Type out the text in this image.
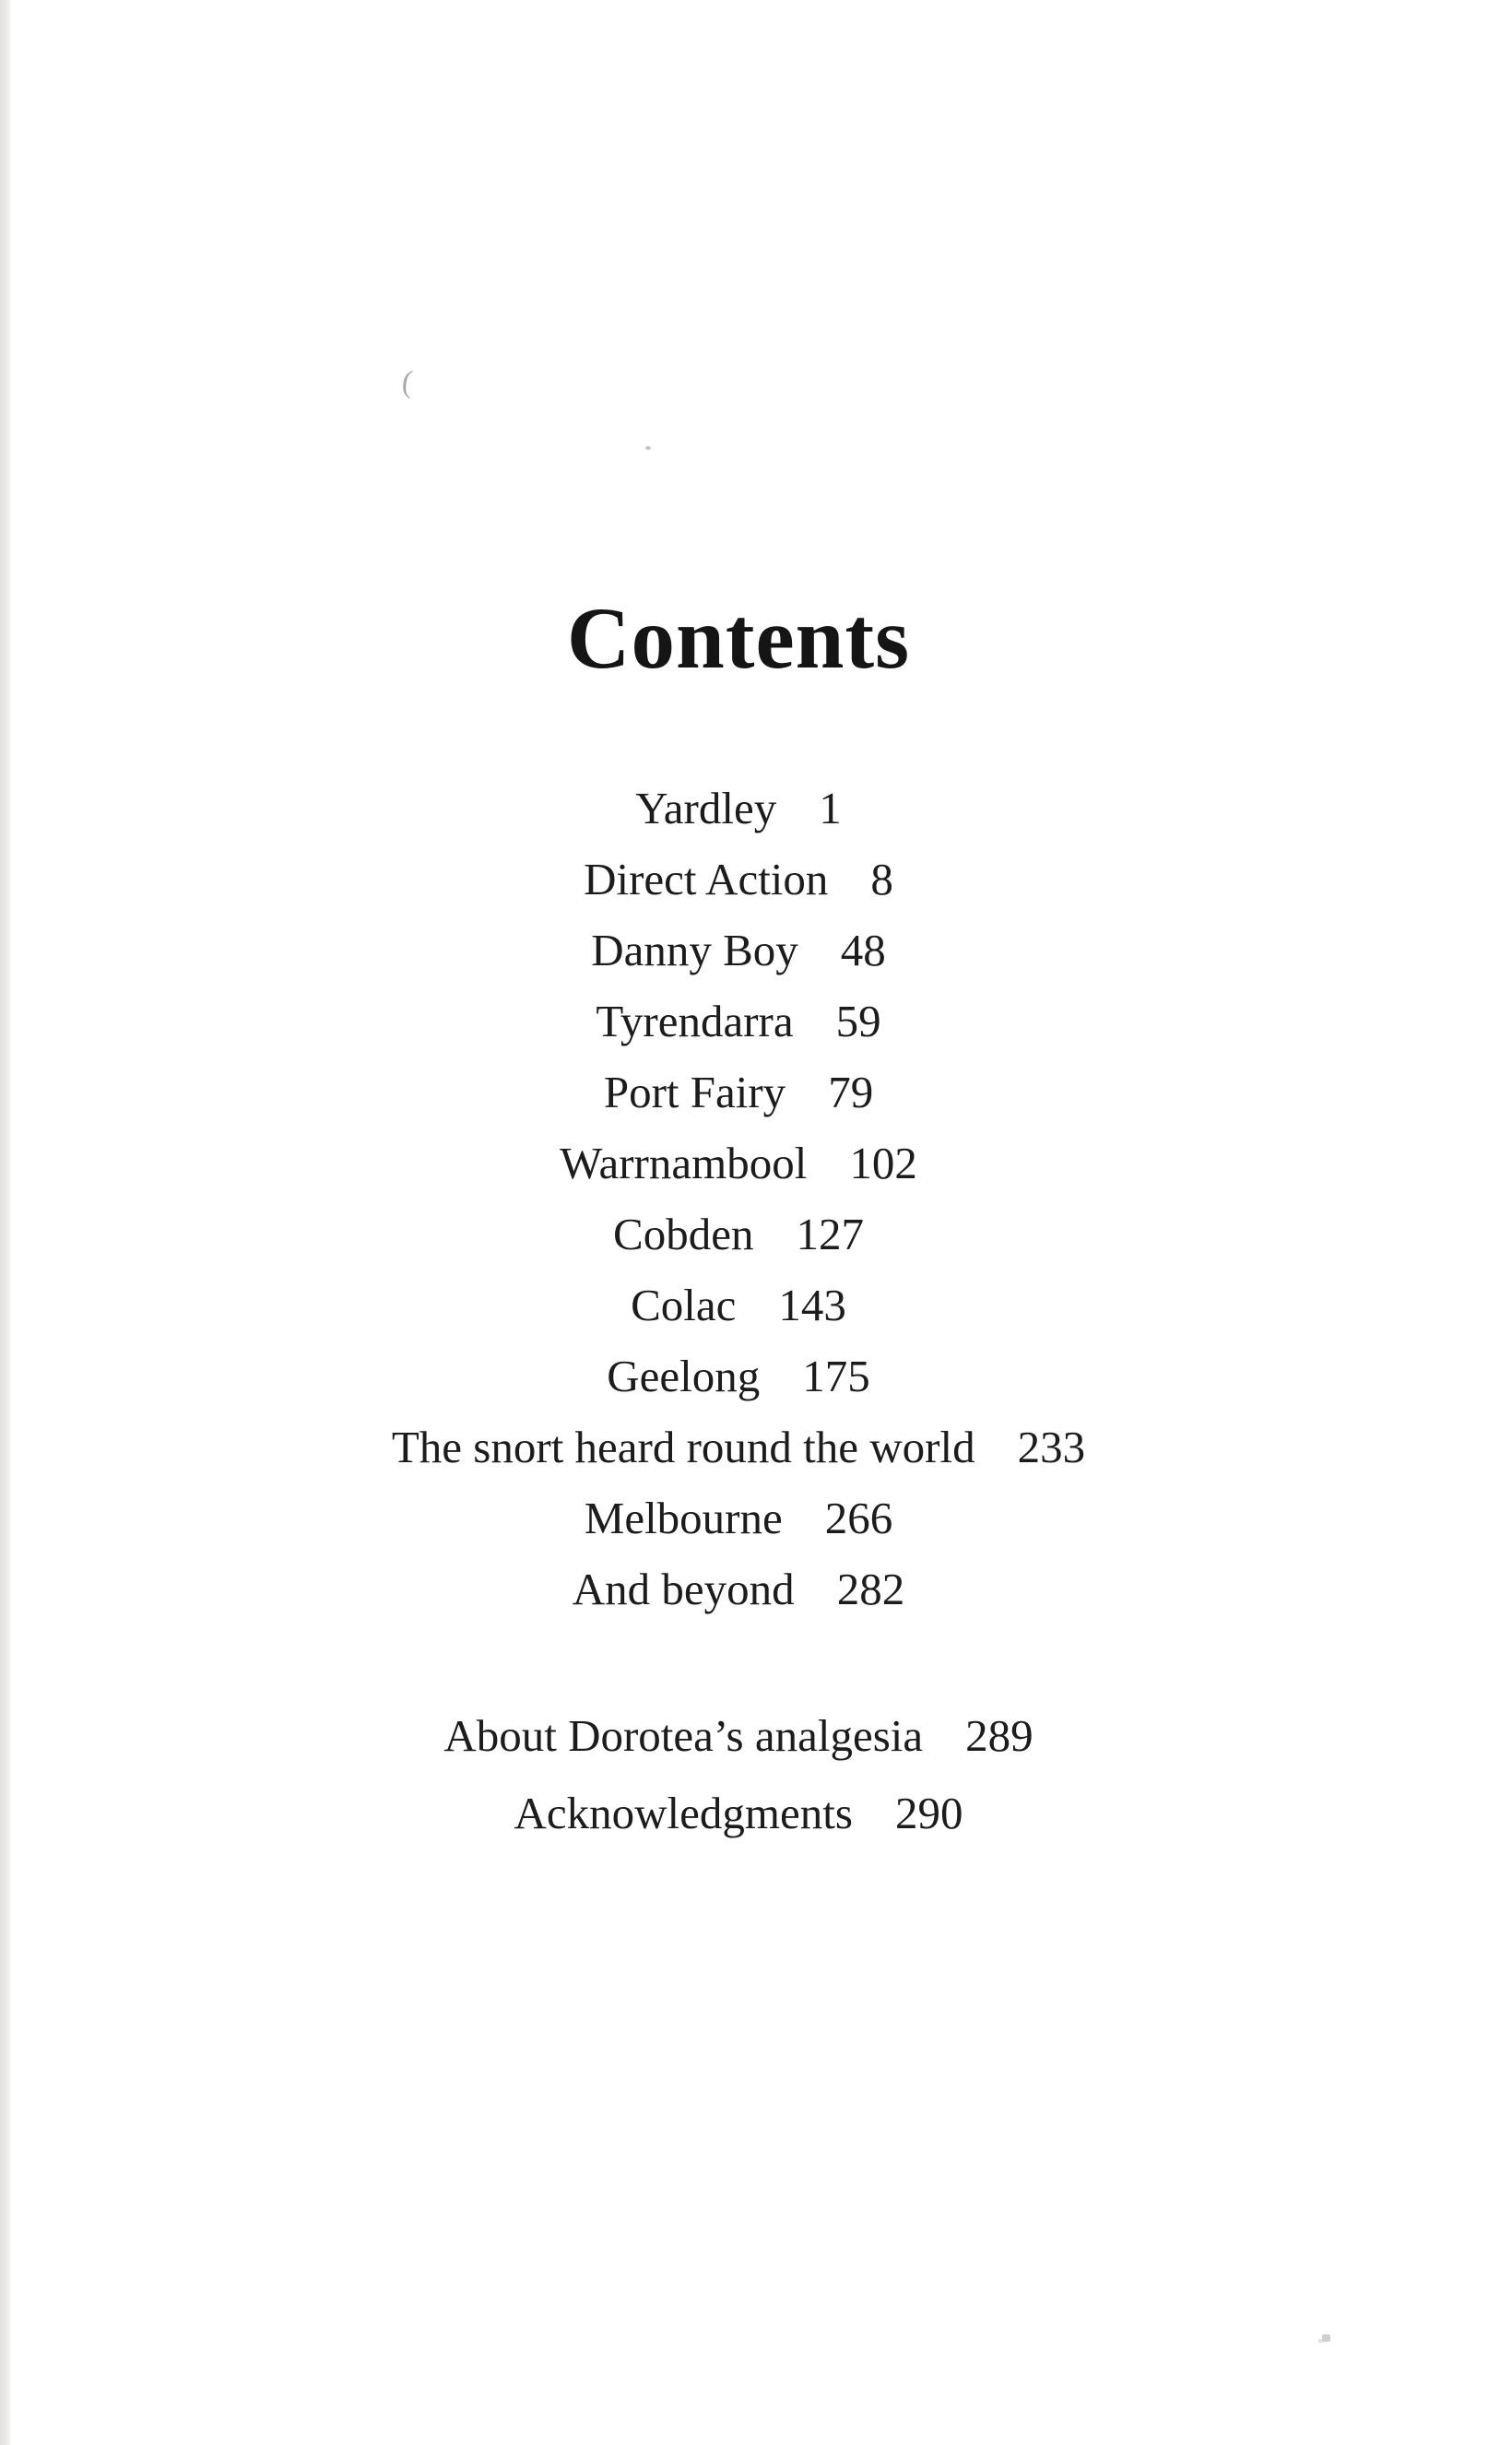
(
Contents
Yardley 1
Direct Action 8
Danny Boy 48
Tyrendarra 59
Port Fairy 79
Warrnambool 102
Cobden 127
Colac 143
Geelong 175
The snort heard round the world 233
Melbourne 266
And beyond 282
About Dorotea’s analgesia 289
Acknowledgments 290
